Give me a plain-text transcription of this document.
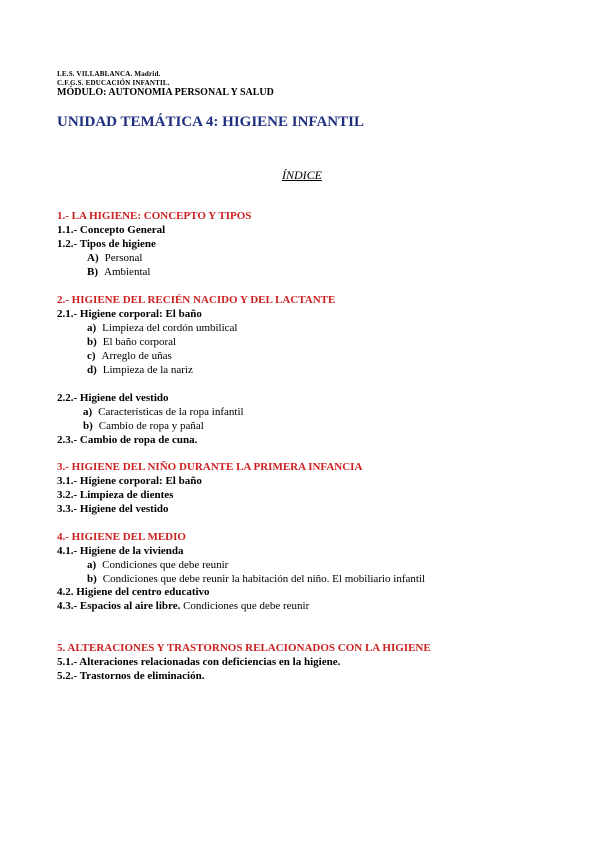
I.E.S. VILLABLANCA. Madrid.
C.F.G.S. EDUCACIÓN INFANTIL.
MÓDULO: AUTONOMIA PERSONAL Y SALUD
UNIDAD TEMÁTICA 4: HIGIENE INFANTIL
ÍNDICE
1.- LA HIGIENE: CONCEPTO Y TIPOS
1.1.- Concepto General
1.2.- Tipos de higiene
A) Personal
B) Ambiental
2.- HIGIENE DEL RECIÉN NACIDO Y DEL LACTANTE
2.1.- Higiene corporal: El baño
a) Limpieza del cordón umbilical
b) El baño corporal
c) Arreglo de uñas
d) Limpieza de la nariz
2.2.- Higiene del vestido
a) Características de la ropa infantil
b) Cambio de ropa y pañal
2.3.- Cambio de ropa de cuna.
3.- HIGIENE DEL NIÑO DURANTE LA PRIMERA INFANCIA
3.1.- Higiene corporal: El baño
3.2.- Limpieza de dientes
3.3.- Higiene del vestido
4.- HIGIENE DEL MEDIO
4.1.- Higiene de la vivienda
a) Condiciones que debe reunir
b) Condiciones que debe reunir la habitación del niño. El mobiliario infantil
4.2. Higiene del centro educativo
4.3.- Espacios al aire libre. Condiciones que debe reunir
5. ALTERACIONES Y TRASTORNOS RELACIONADOS CON LA HIGIENE
5.1.- Alteraciones relacionadas con deficiencias en la higiene.
5.2.- Trastornos de eliminación.
